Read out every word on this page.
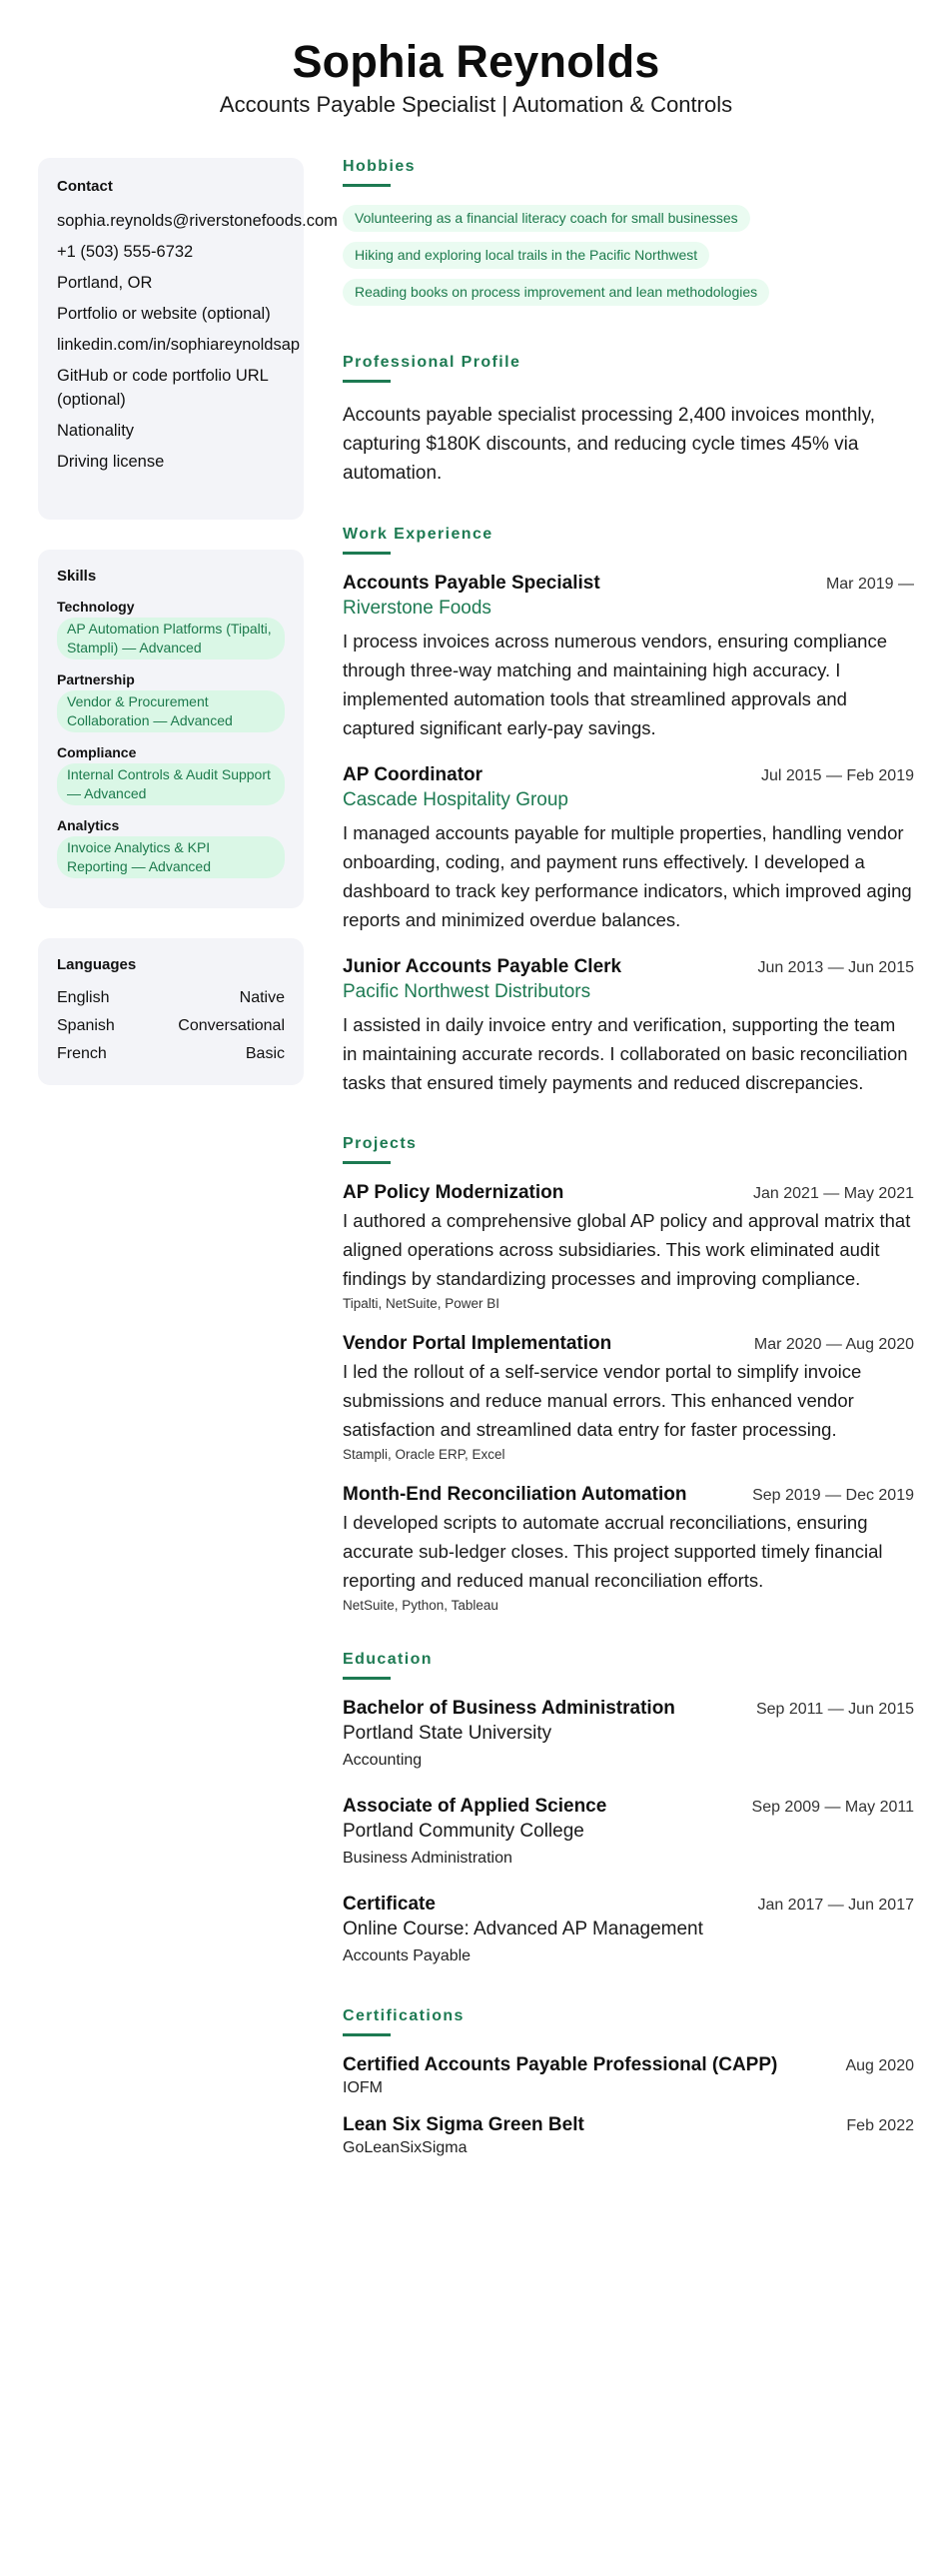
Sophia Reynolds
Accounts Payable Specialist | Automation & Controls
Contact
sophia.reynolds@riverstonefoods.com
+1 (503) 555-6732
Portland, OR
Portfolio or website (optional)
linkedin.com/in/sophiareynoldsap
GitHub or code portfolio URL (optional)
Nationality
Driving license
Skills
Technology
AP Automation Platforms (Tipalti, Stampli) — Advanced
Partnership
Vendor & Procurement Collaboration — Advanced
Compliance
Internal Controls & Audit Support — Advanced
Analytics
Invoice Analytics & KPI Reporting — Advanced
Languages
English	Native
Spanish	Conversational
French	Basic
Hobbies
Volunteering as a financial literacy coach for small businesses
Hiking and exploring local trails in the Pacific Northwest
Reading books on process improvement and lean methodologies
Professional Profile
Accounts payable specialist processing 2,400 invoices monthly, capturing $180K discounts, and reducing cycle times 45% via automation.
Work Experience
Accounts Payable Specialist	Mar 2019 —
Riverstone Foods
I process invoices across numerous vendors, ensuring compliance through three-way matching and maintaining high accuracy. I implemented automation tools that streamlined approvals and captured significant early-pay savings.
AP Coordinator	Jul 2015 — Feb 2019
Cascade Hospitality Group
I managed accounts payable for multiple properties, handling vendor onboarding, coding, and payment runs effectively. I developed a dashboard to track key performance indicators, which improved aging reports and minimized overdue balances.
Junior Accounts Payable Clerk	Jun 2013 — Jun 2015
Pacific Northwest Distributors
I assisted in daily invoice entry and verification, supporting the team in maintaining accurate records. I collaborated on basic reconciliation tasks that ensured timely payments and reduced discrepancies.
Projects
AP Policy Modernization	Jan 2021 — May 2021
I authored a comprehensive global AP policy and approval matrix that aligned operations across subsidiaries. This work eliminated audit findings by standardizing processes and improving compliance.
Tipalti, NetSuite, Power BI
Vendor Portal Implementation	Mar 2020 — Aug 2020
I led the rollout of a self-service vendor portal to simplify invoice submissions and reduce manual errors. This enhanced vendor satisfaction and streamlined data entry for faster processing.
Stampli, Oracle ERP, Excel
Month-End Reconciliation Automation	Sep 2019 — Dec 2019
I developed scripts to automate accrual reconciliations, ensuring accurate sub-ledger closes. This project supported timely financial reporting and reduced manual reconciliation efforts.
NetSuite, Python, Tableau
Education
Bachelor of Business Administration	Sep 2011 — Jun 2015
Portland State University
Accounting
Associate of Applied Science	Sep 2009 — May 2011
Portland Community College
Business Administration
Certificate	Jan 2017 — Jun 2017
Online Course: Advanced AP Management
Accounts Payable
Certifications
Certified Accounts Payable Professional (CAPP)	Aug 2020
IOFM
Lean Six Sigma Green Belt	Feb 2022
GoLeanSixSigma
